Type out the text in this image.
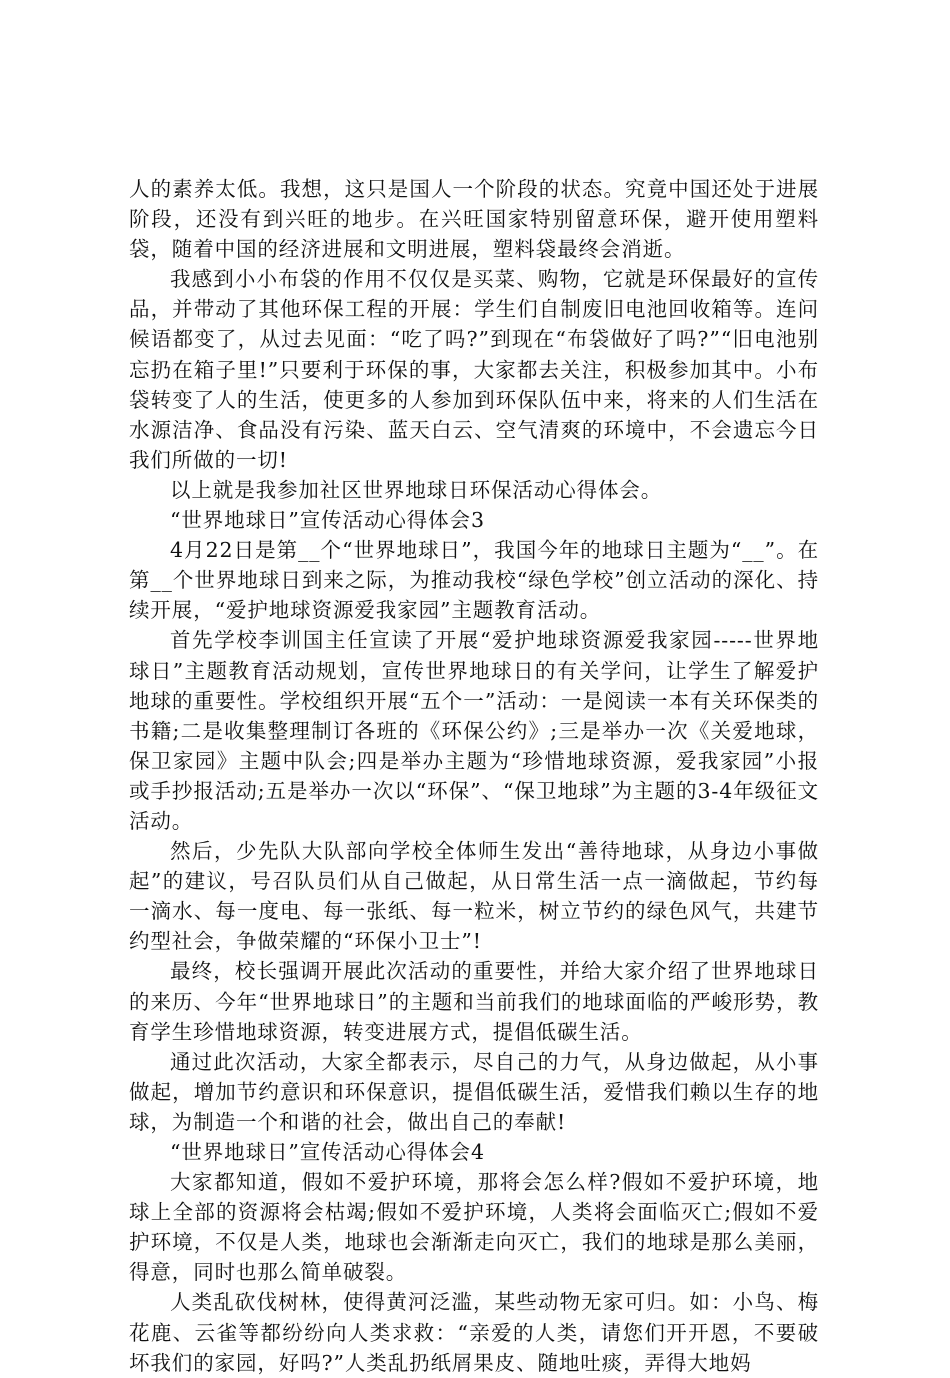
人的素养太低。我想，这只是国人一个阶段的状态。究竟中国还处于进展阶段，还没有到兴旺的地步。在兴旺国家特别留意环保，避开使用塑料袋，随着中国的经济进展和文明进展，塑料袋最终会消逝。

我感到小小布袋的作用不仅仅是买菜、购物，它就是环保最好的宣传品，并带动了其他环保工程的开展：学生们自制废旧电池回收箱等。连问候语都变了，从过去见面：“吃了吗?”到现在“布袋做好了吗?”“旧电池别忘扔在箱子里!”只要利于环保的事，大家都去关注，积极参加其中。小布袋转变了人的生活，使更多的人参加到环保队伍中来，将来的人们生活在水源洁净、食品没有污染、蓝天白云、空气清爽的环境中，不会遗忘今日我们所做的一切!

以上就是我参加社区世界地球日环保活动心得体会。

“世界地球日”宣传活动心得体会3

4月22日是第__个“世界地球日”，我国今年的地球日主题为“__”。在第__个世界地球日到来之际，为推动我校“绿色学校”创立活动的深化、持续开展，“爱护地球资源爱我家园”主题教育活动。

首先学校李训国主任宣读了开展“爱护地球资源爱我家园-----世界地球日”主题教育活动规划，宣传世界地球日的有关学问，让学生了解爱护地球的重要性。学校组织开展“五个一”活动：一是阅读一本有关环保类的书籍;二是收集整理制订各班的《环保公约》;三是举办一次《关爱地球，保卫家园》主题中队会;四是举办主题为“珍惜地球资源，爱我家园”小报或手抄报活动;五是举办一次以“环保”、“保卫地球”为主题的3-4年级征文活动。

然后，少先队大队部向学校全体师生发出“善待地球，从身边小事做起”的建议，号召队员们从自己做起，从日常生活一点一滴做起，节约每一滴水、每一度电、每一张纸、每一粒米，树立节约的绿色风气，共建节约型社会，争做荣耀的“环保小卫士”!

最终，校长强调开展此次活动的重要性，并给大家介绍了世界地球日的来历、今年“世界地球日”的主题和当前我们的地球面临的严峻形势，教育学生珍惜地球资源，转变进展方式，提倡低碳生活。

通过此次活动，大家全都表示，尽自己的力气，从身边做起，从小事做起，增加节约意识和环保意识，提倡低碳生活，爱惜我们赖以生存的地球，为制造一个和谐的社会，做出自己的奉献!

“世界地球日”宣传活动心得体会4

大家都知道，假如不爱护环境，那将会怎么样?假如不爱护环境，地球上全部的资源将会枯竭;假如不爱护环境，人类将会面临灭亡;假如不爱护环境，不仅是人类，地球也会渐渐走向灭亡，我们的地球是那么美丽，得意，同时也那么简单破裂。

人类乱砍伐树林，使得黄河泛滥，某些动物无家可归。如：小鸟、梅花鹿、云雀等都纷纷向人类求救：“亲爱的人类，请您们开开恩，不要破坏我们的家园，好吗?”人类乱扔纸屑果皮、随地吐痰，弄得大地妈
